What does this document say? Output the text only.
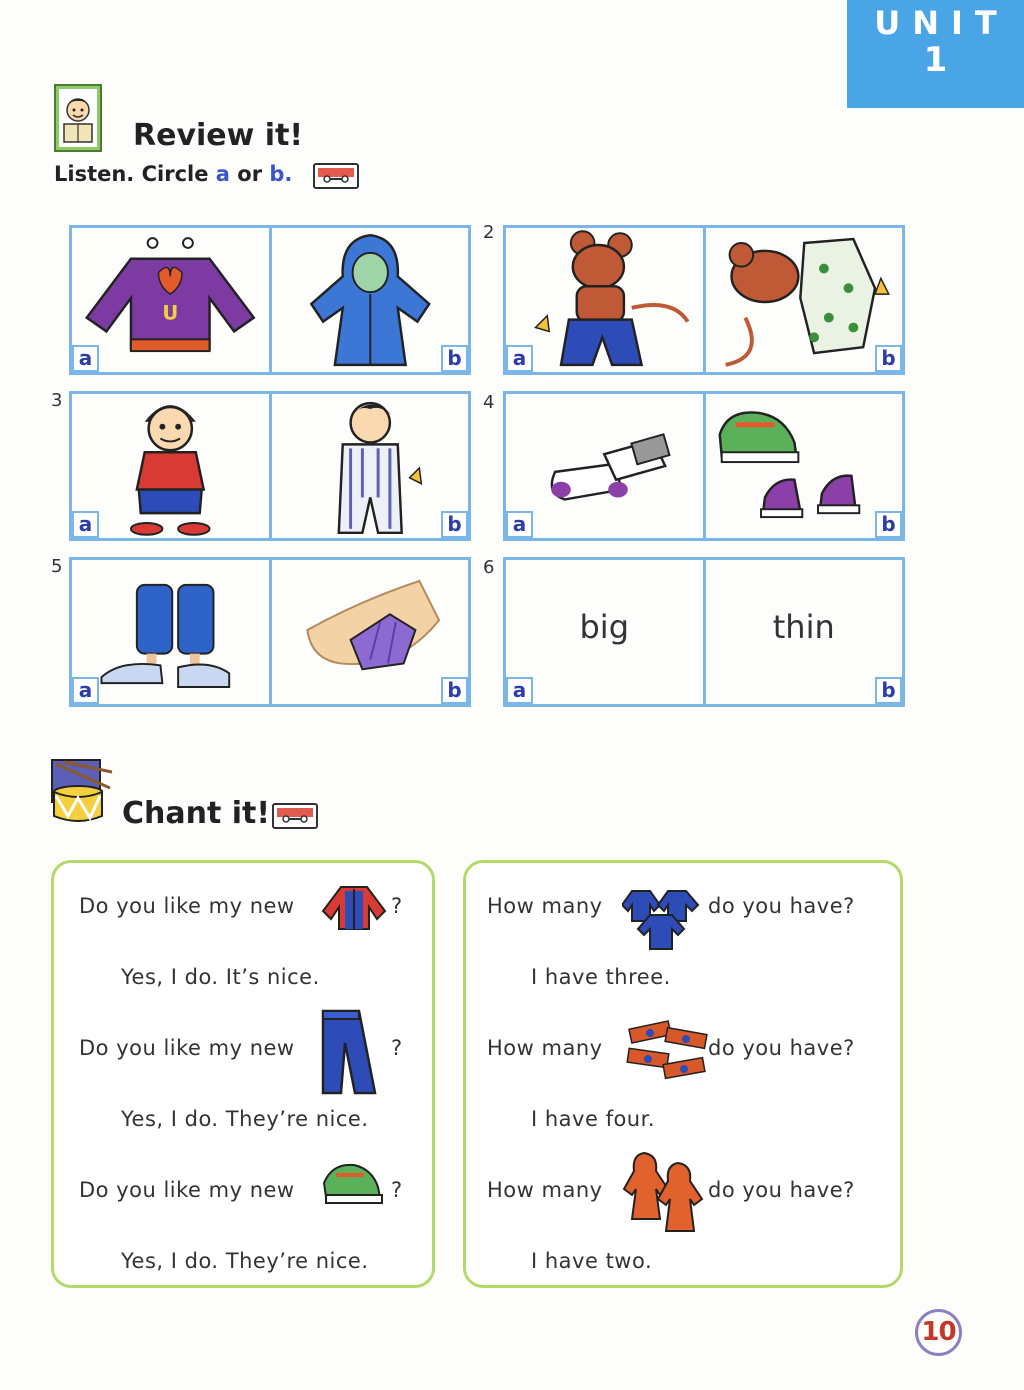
UNIT
1
Review it!
Listen. Circle a or b.
U
a	b
2
a	b
3
a	b
4
a	b
5
a	b
6
big
a
thin
b
Chant it!
Do you like my new	?
Yes, I do. It’s nice.
Do you like my new	?
Yes, I do. They’re nice.
Do you like my new	?
Yes, I do. They’re nice.
How many	do you have?
I have three.
How many	do you have?
I have four.
How many	do you have?
I have two.
10
